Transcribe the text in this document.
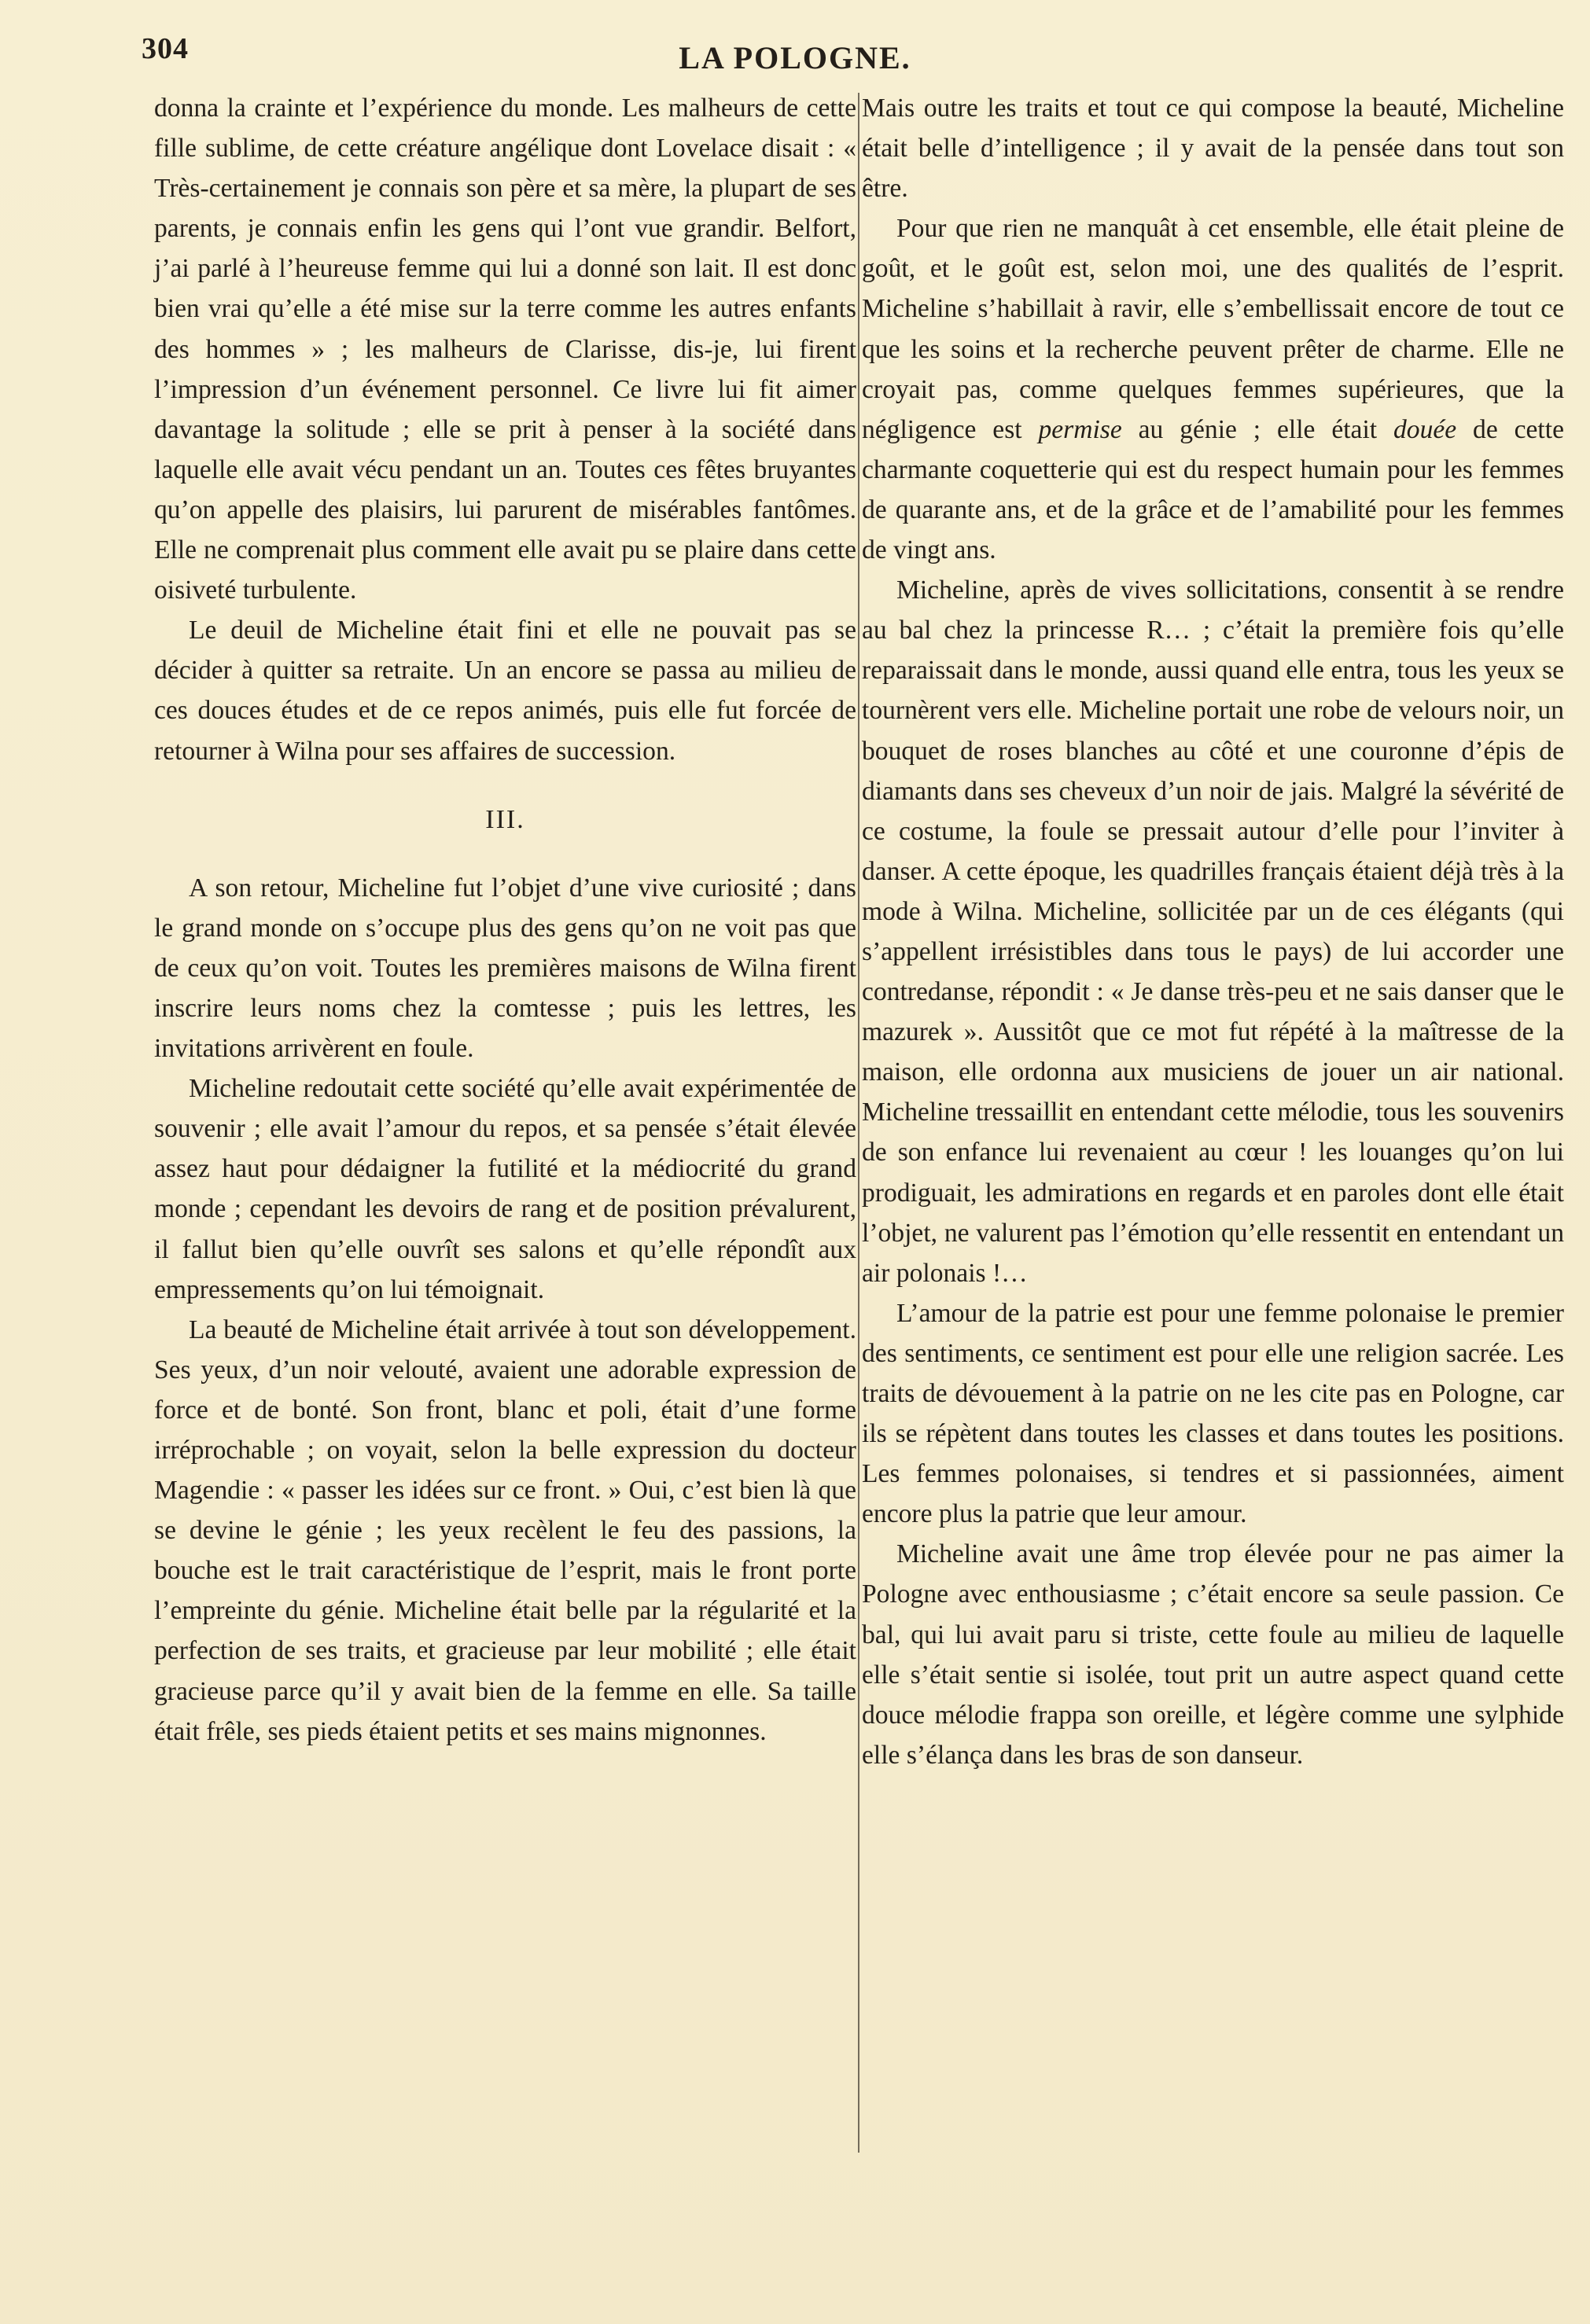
304	LA POLOGNE.

donna la crainte et l’expérience du monde. Les malheurs de cette fille sublime, de cette créature angélique dont Lovelace disait : « Très-certainement je connais son père et sa mère, la plupart de ses parents, je connais enfin les gens qui l’ont vue grandir. Belfort, j’ai parlé à l’heureuse femme qui lui a donné son lait. Il est donc bien vrai qu’elle a été mise sur la terre comme les autres enfants des hommes » ; les malheurs de Clarisse, dis-je, lui firent l’impression d’un événement personnel. Ce livre lui fit aimer davantage la solitude ; elle se prit à penser à la société dans laquelle elle avait vécu pendant un an. Toutes ces fêtes bruyantes qu’on appelle des plaisirs, lui parurent de misérables fantômes. Elle ne comprenait plus comment elle avait pu se plaire dans cette oisiveté turbulente.

Le deuil de Micheline était fini et elle ne pouvait pas se décider à quitter sa retraite. Un an encore se passa au milieu de ces douces études et de ce repos animés, puis elle fut forcée de retourner à Wilna pour ses affaires de succession.

III.

A son retour, Micheline fut l’objet d’une vive curiosité ; dans le grand monde on s’occupe plus des gens qu’on ne voit pas que de ceux qu’on voit. Toutes les premières maisons de Wilna firent inscrire leurs noms chez la comtesse ; puis les lettres, les invitations arrivèrent en foule.

Micheline redoutait cette société qu’elle avait expérimentée de souvenir ; elle avait l’amour du repos, et sa pensée s’était élevée assez haut pour dédaigner la futilité et la médiocrité du grand monde ; cependant les devoirs de rang et de position prévalurent, il fallut bien qu’elle ouvrît ses salons et qu’elle répondît aux empressements qu’on lui témoignait.

La beauté de Micheline était arrivée à tout son développement. Ses yeux, d’un noir velouté, avaient une adorable expression de force et de bonté. Son front, blanc et poli, était d’une forme irréprochable ; on voyait, selon la belle expression du docteur Magendie : « passer les idées sur ce front. » Oui, c’est bien là que se devine le génie ; les yeux recèlent le feu des passions, la bouche est le trait caractéristique de l’esprit, mais le front porte l’empreinte du génie. Micheline était belle par la régularité et la perfection de ses traits, et gracieuse par leur mobilité ; elle était gracieuse parce qu’il y avait bien de la femme en elle. Sa taille était frêle, ses pieds étaient petits et ses mains mignonnes.

Mais outre les traits et tout ce qui compose la beauté, Micheline était belle d’intelligence ; il y avait de la pensée dans tout son être.

Pour que rien ne manquât à cet ensemble, elle était pleine de goût, et le goût est, selon moi, une des qualités de l’esprit. Micheline s’habillait à ravir, elle s’embellissait encore de tout ce que les soins et la recherche peuvent prêter de charme. Elle ne croyait pas, comme quelques femmes supérieures, que la négligence est permise au génie ; elle était douée de cette charmante coquetterie qui est du respect humain pour les femmes de quarante ans, et de la grâce et de l’amabilité pour les femmes de vingt ans.

Micheline, après de vives sollicitations, consentit à se rendre au bal chez la princesse R… ; c’était la première fois qu’elle reparaissait dans le monde, aussi quand elle entra, tous les yeux se tournèrent vers elle. Micheline portait une robe de velours noir, un bouquet de roses blanches au côté et une couronne d’épis de diamants dans ses cheveux d’un noir de jais. Malgré la sévérité de ce costume, la foule se pressait autour d’elle pour l’inviter à danser. A cette époque, les quadrilles français étaient déjà très à la mode à Wilna. Micheline, sollicitée par un de ces élégants (qui s’appellent irrésistibles dans tous le pays) de lui accorder une contredanse, répondit : « Je danse très-peu et ne sais danser que le mazurek ». Aussitôt que ce mot fut répété à la maîtresse de la maison, elle ordonna aux musiciens de jouer un air national. Micheline tressaillit en entendant cette mélodie, tous les souvenirs de son enfance lui revenaient au cœur ! les louanges qu’on lui prodiguait, les admirations en regards et en paroles dont elle était l’objet, ne valurent pas l’émotion qu’elle ressentit en entendant un air polonais !…

L’amour de la patrie est pour une femme polonaise le premier des sentiments, ce sentiment est pour elle une religion sacrée. Les traits de dévouement à la patrie on ne les cite pas en Pologne, car ils se répètent dans toutes les classes et dans toutes les positions. Les femmes polonaises, si tendres et si passionnées, aiment encore plus la patrie que leur amour.

Micheline avait une âme trop élevée pour ne pas aimer la Pologne avec enthousiasme ; c’était encore sa seule passion. Ce bal, qui lui avait paru si triste, cette foule au milieu de laquelle elle s’était sentie si isolée, tout prit un autre aspect quand cette douce mélodie frappa son oreille, et légère comme une sylphide elle s’élança dans les bras de son danseur.
